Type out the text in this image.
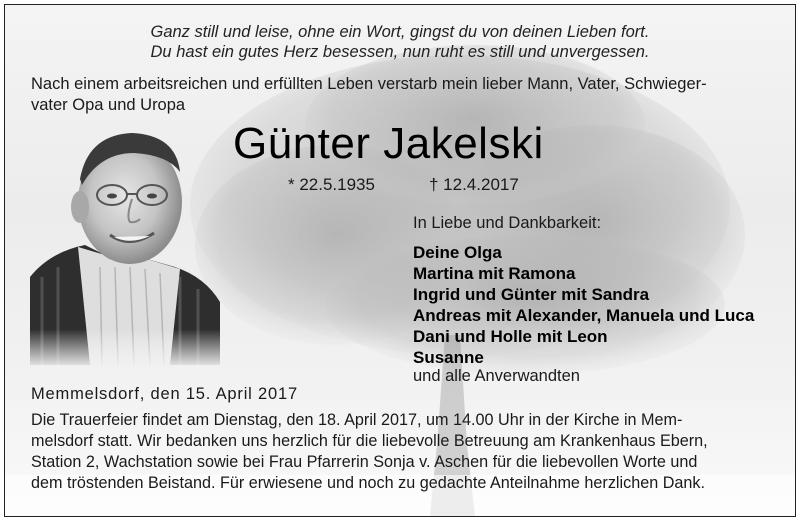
Ganz still und leise, ohne ein Wort, gingst du von deinen Lieben fort.
Du hast ein gutes Herz besessen, nun ruht es still und unvergessen.
Nach einem arbeitsreichen und erfüllten Leben verstarb mein lieber Mann, Vater, Schwieger-
vater Opa und Uropa
Günter Jakelski
* 22.5.1935	† 12.4.2017
In Liebe und Dankbarkeit:
Deine Olga
Martina mit Ramona
Ingrid und Günter mit Sandra
Andreas mit Alexander, Manuela und Luca
Dani und Holle mit Leon
Susanne
und alle Anverwandten
Memmelsdorf, den 15. April 2017
Die Trauerfeier findet am Dienstag, den 18. April 2017, um 14.00 Uhr in der Kirche in Mem-
melsdorf statt. Wir bedanken uns herzlich für die liebevolle Betreuung am Krankenhaus Ebern,
Station 2, Wachstation sowie bei Frau Pfarrerin Sonja v. Aschen für die liebevollen Worte und
dem tröstenden Beistand. Für erwiesene und noch zu gedachte Anteilnahme herzlichen Dank.
